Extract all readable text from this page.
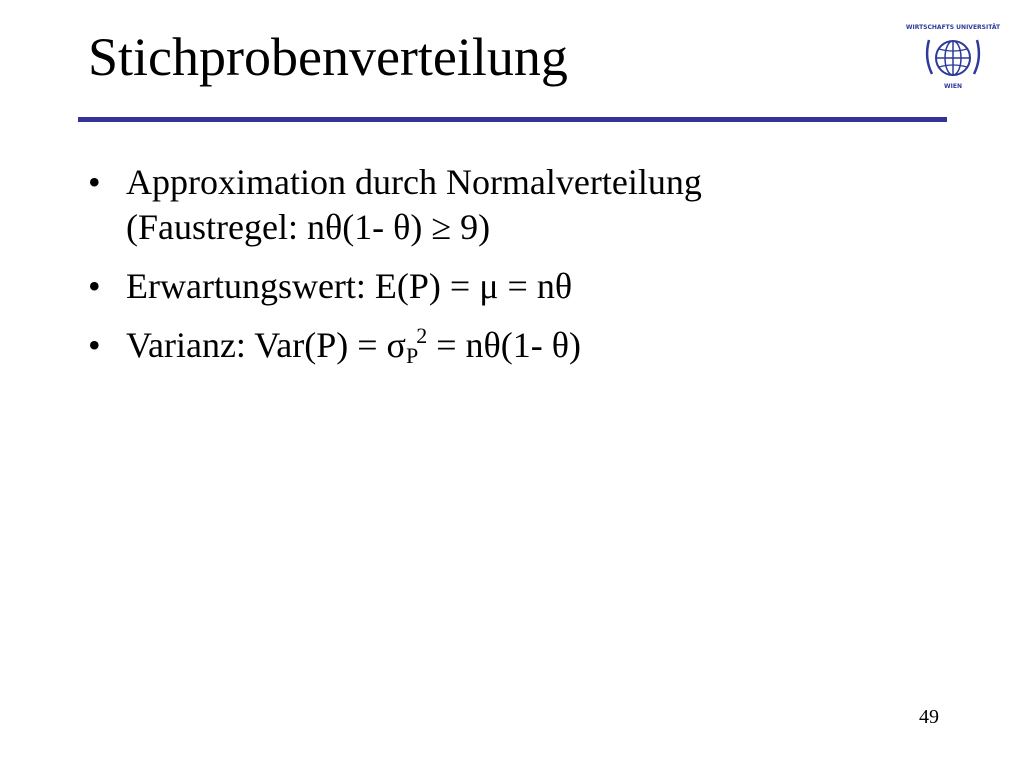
Stichprobenverteilung	WIRTSCHAFTS UNIVERSITÄT
WIEN
• Approximation durch Normalverteilung
(Faustregel: nθ(1- θ) ≥ 9)
• Erwartungswert: E(P) = μ = nθ
• Varianz: $Var(P) = \sigma P^2 = n\theta(1-$ θ)
49
